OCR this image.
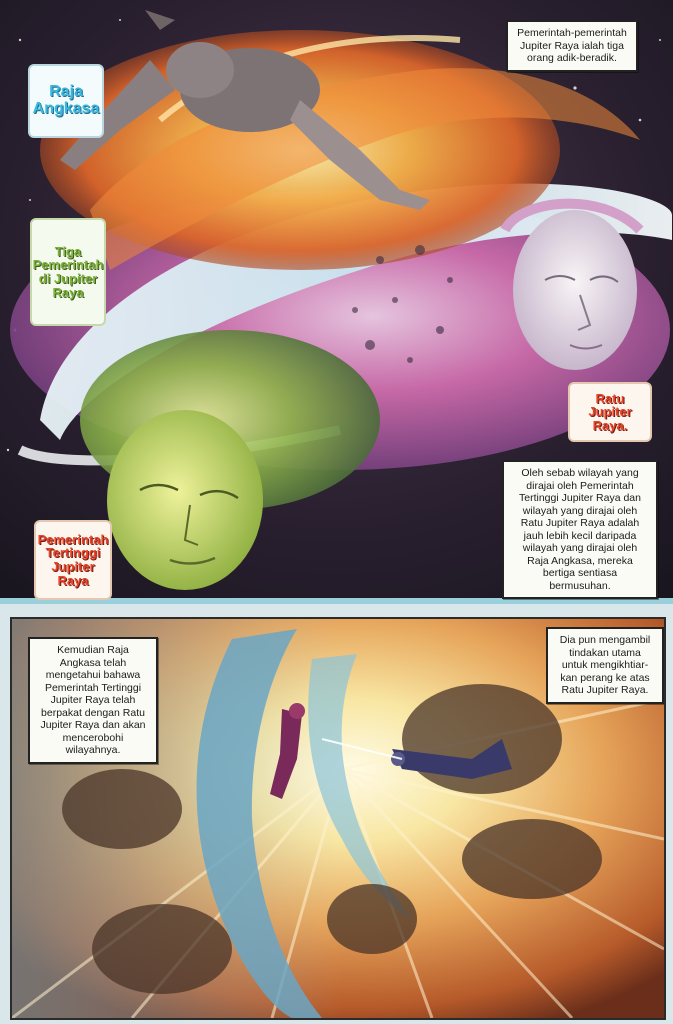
Pemerintah-pemerintah Jupiter Raya ialah tiga orang adik-beradik.
Raja Angkasa
Tiga Pemerintah di Jupiter Raya
Ratu Jupiter Raya.
Pemerintah Tertinggi Jupiter Raya
Oleh sebab wilayah yang dirajai oleh Pemerintah Tertinggi Jupiter Raya dan wilayah yang dirajai oleh Ratu Jupiter Raya adalah jauh lebih kecil daripada wilayah yang dirajai oleh Raja Angkasa, mereka bertiga sentiasa bermusuhan.
Kemudian Raja Angkasa telah mengetahui bahawa Pemerintah Tertinggi Jupiter Raya telah berpakat dengan Ratu Jupiter Raya dan akan mencerobohi wilayahnya.
Dia pun mengambil tindakan utama untuk mengikhtiar-kan perang ke atas Ratu Jupiter Raya.
